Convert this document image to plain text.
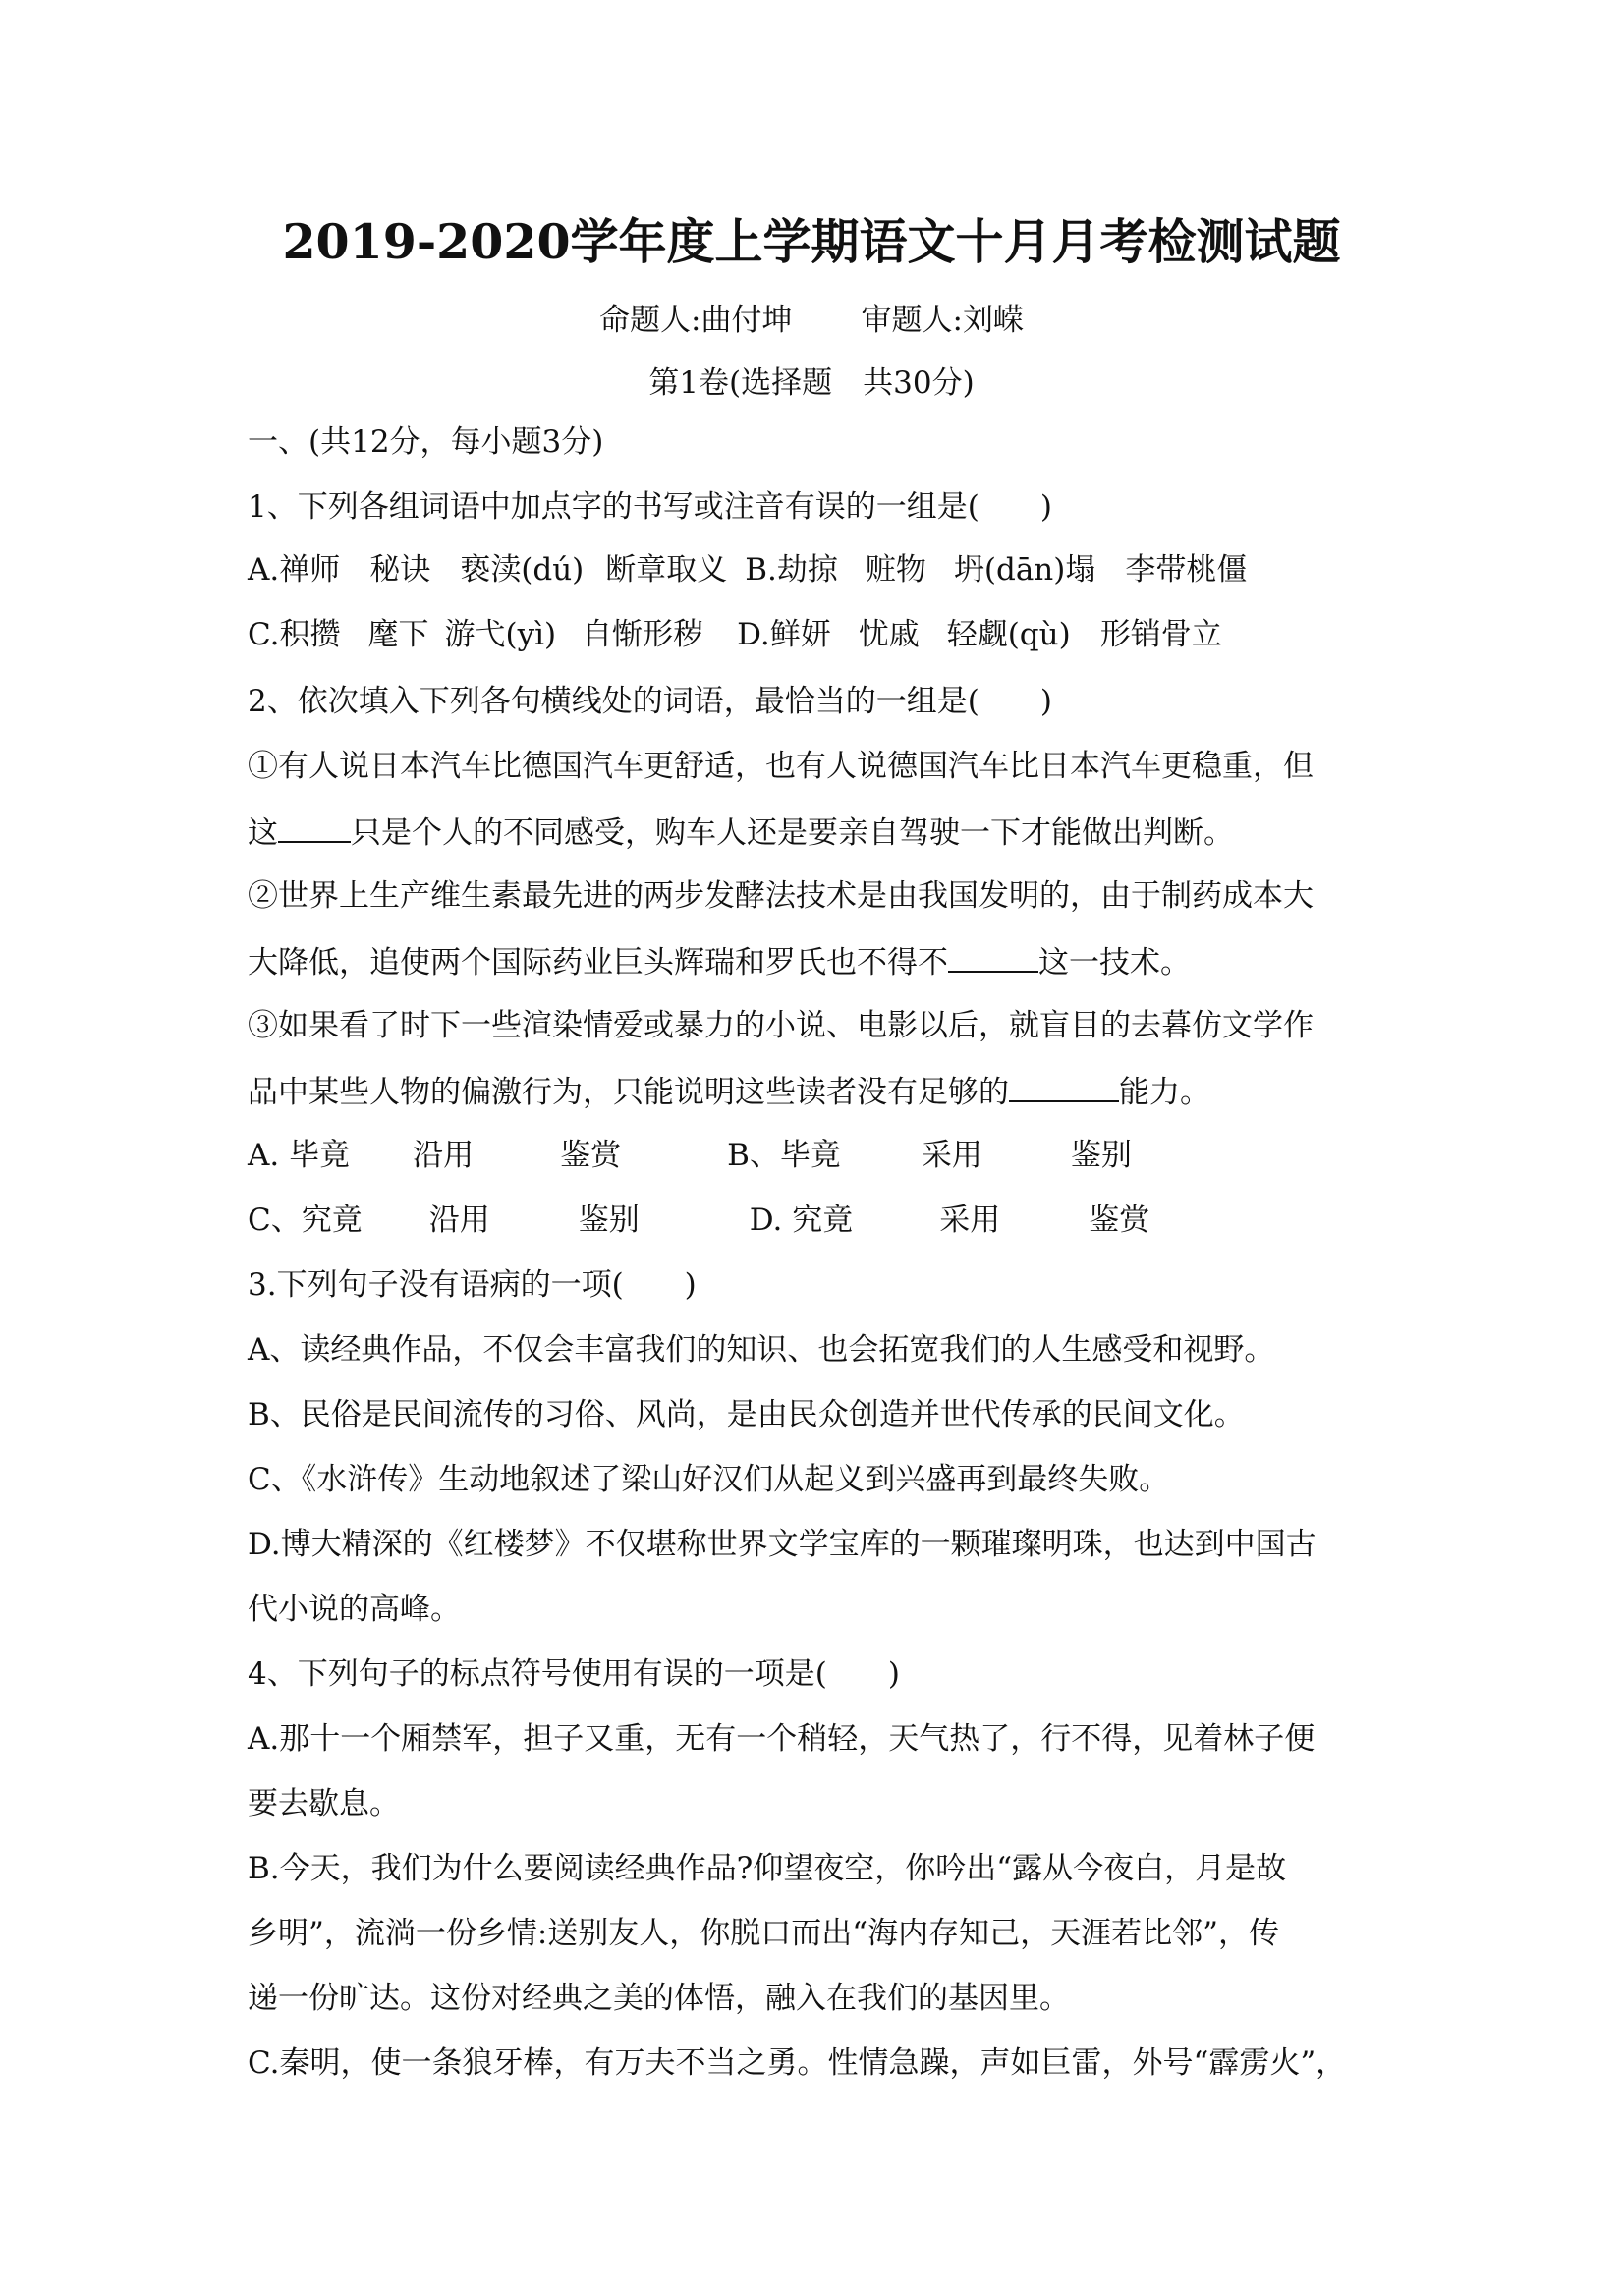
2019-2020学年度上学期语文十月月考检测试题
命题人:曲付坤 审题人:刘嵘
第1卷(选择题　共30分)
一、(共12分，每小题3分)
1、下列各组词语中加点字的书写或注音有误的一组是(　　)
A.禅师 秘诀 亵渎(dú) 断章取义 B.劫掠 赃物 坍(dān)塌 李带桃僵
C.积攒 麾下 游弋(yì) 自惭形秽 D.鲜妍 忧戚 轻觑(qù) 形销骨立
2、依次填入下列各句横线处的词语，最恰当的一组是(　　)
①有人说日本汽车比德国汽车更舒适，也有人说德国汽车比日本汽车更稳重，但
这 只是个人的不同感受，购车人还是要亲自驾驶一下才能做出判断。
②世界上生产维生素最先进的两步发酵法技术是由我国发明的，由于制药成本大
大降低，追使两个国际药业巨头辉瑞和罗氏也不得不	这一技术。
③如果看了时下一些渲染情爱或暴力的小说、电影以后，就盲目的去暮仿文学作
品中某些人物的偏激行为，只能说明这些读者没有足够的	能力。
A. 毕竟 沿用	鉴赏	B、毕竟	采用	鉴别
C、究竟 沿用	鉴别	D. 究竟	采用	鉴赏
3.下列句子没有语病的一项(　　)
A、读经典作品，不仅会丰富我们的知识、也会拓宽我们的人生感受和视野。
B、民俗是民间流传的习俗、风尚，是由民众创造并世代传承的民间文化。
C、《水浒传》生动地叙述了梁山好汉们从起义到兴盛再到最终失败。
D.博大精深的《红楼梦》不仅堪称世界文学宝库的一颗璀璨明珠，也达到中国古
代小说的高峰。
4、下列句子的标点符号使用有误的一项是(　　)
A.那十一个厢禁军，担子又重，无有一个稍轻，天气热了，行不得，见着林子便
要去歇息。
B.今天，我们为什么要阅读经典作品?仰望夜空，你吟出“露从今夜白，月是故
乡明”，流淌一份乡情:送别友人，你脱口而出“海内存知己，天涯若比邻”，传
递一份旷达。这份对经典之美的体悟，融入在我们的基因里。
C.秦明，使一条狼牙棒，有万夫不当之勇。性情急躁，声如巨雷，外号“霹雳火”，
